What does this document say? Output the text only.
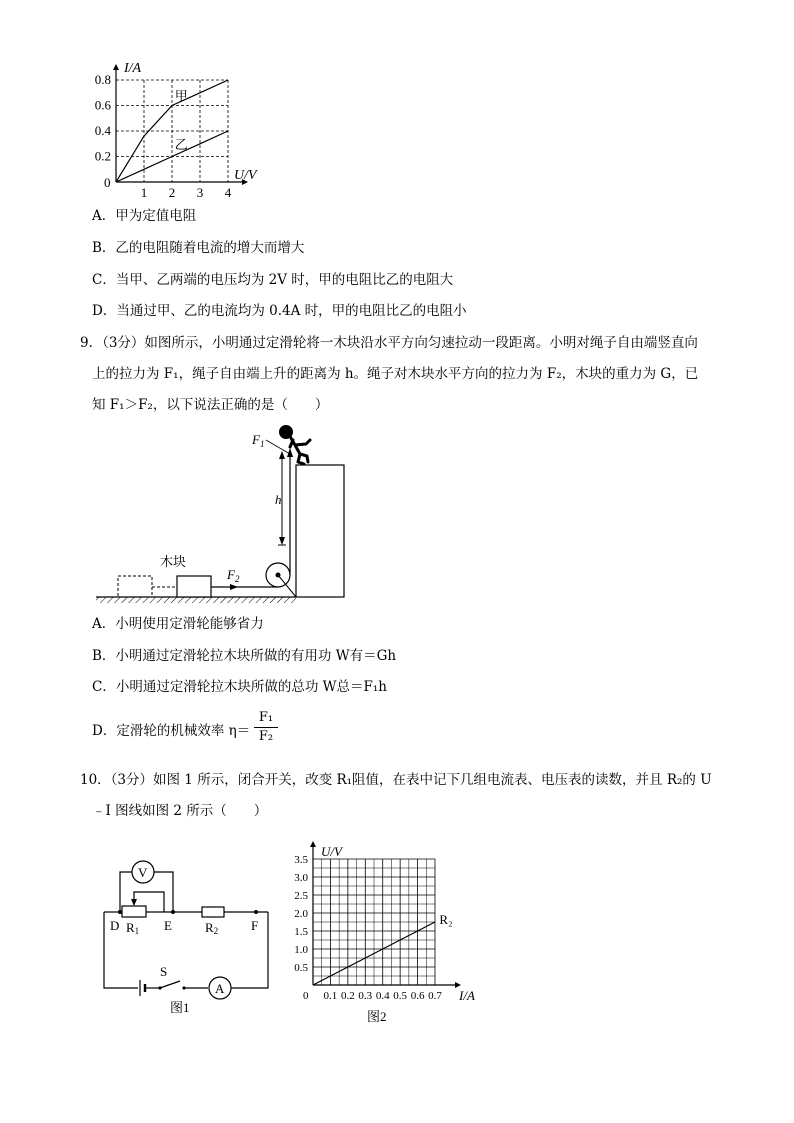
1 2 3 4
0.2
0.4
0.6
0.8
甲
乙
I/A
U/V
0
A．甲为定值电阻
B．乙的电阻随着电流的增大而增大
C．当甲、乙两端的电压均为 2V 时，甲的电阻比乙的电阻大
D．当通过甲、乙的电流均为 0.4A 时，甲的电阻比乙的电阻小
9．（3分）如图所示，小明通过定滑轮将一木块沿水平方向匀速拉动一段距离。小明对绳子自由端竖直向
上的拉力为 F₁，绳子自由端上升的距离为 h。绳子对木块水平方向的拉力为 F₂，木块的重力为 G，已
知 F₁＞F₂，以下说法正确的是（　　）
h
$F_1$
木块
$F_2$
A．小明使用定滑轮能够省力
B．小明通过定滑轮拉木块所做的有用功 W有＝Gh
C．小明通过定滑轮拉木块所做的总功 W总＝F₁h
D．定滑轮的机械效率 $\eta= \frac{\text{F₁}}{\text{F₂}}$
10．（3分）如图 1 所示，闭合开关，改变 R₁阻值，在表中记下几组电流表、电压表的读数，并且 R₂的 U
﹣I 图线如图 2 所示（　　）
S
A
V
D R1 E	R2	F
图1
0.1 0.2 0.3 0.4 0.5 0.6 0.7
0.5
1.0
1.5
2.0
2.5
3.0
3.5
R₂
U/V
I/A
0
图2
